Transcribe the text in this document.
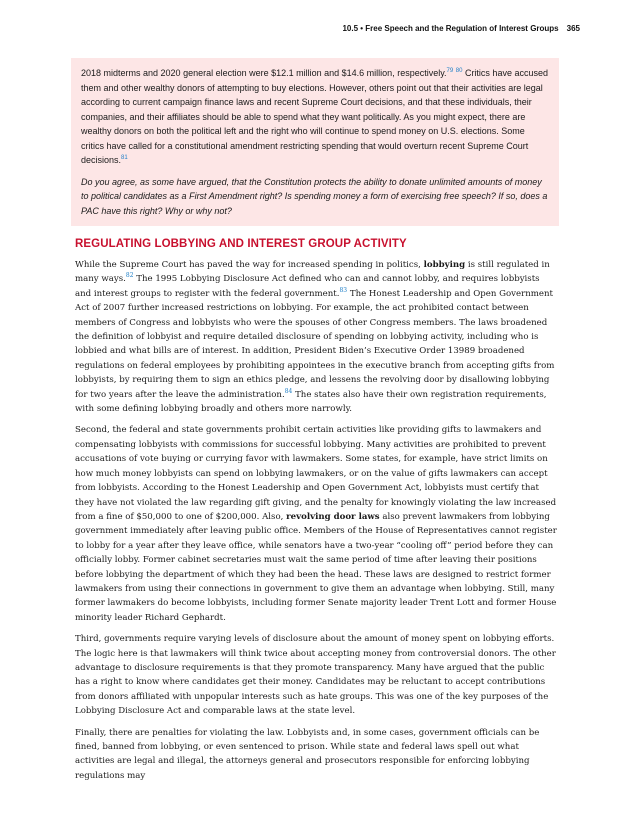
10.5 • Free Speech and the Regulation of Interest Groups 365

2018 midterms and 2020 general election were $12.1 million and $14.6 million, respectively.$^{79}$ $^{80}$ Critics have accused them and other wealthy donors of attempting to buy elections. However, others point out that their activities are legal according to current campaign finance laws and recent Supreme Court decisions, and that these individuals, their companies, and their affiliates should be able to spend what they want politically. As you might expect, there are wealthy donors on both the political left and the right who will continue to spend money on U.S. elections. Some critics have called for a constitutional amendment restricting spending that would overturn recent Supreme Court decisions.$^{81}$

Do you agree, as some have argued, that the Constitution protects the ability to donate unlimited amounts of money to political candidates as a First Amendment right? Is spending money a form of exercising free speech? If so, does a PAC have this right? Why or why not?

REGULATING LOBBYING AND INTEREST GROUP ACTIVITY

While the Supreme Court has paved the way for increased spending in politics, lobbying is still regulated in many ways.$^{82}$ The 1995 Lobbying Disclosure Act defined who can and cannot lobby, and requires lobbyists and interest groups to register with the federal government.$^{83}$ The Honest Leadership and Open Government Act of 2007 further increased restrictions on lobbying. For example, the act prohibited contact between members of Congress and lobbyists who were the spouses of other Congress members. The laws broadened the definition of lobbyist and require detailed disclosure of spending on lobbying activity, including who is lobbied and what bills are of interest. In addition, President Biden’s Executive Order 13989 broadened regulations on federal employees by prohibiting appointees in the executive branch from accepting gifts from lobbyists, by requiring them to sign an ethics pledge, and lessens the revolving door by disallowing lobbying for two years after the leave the administration.$^{84}$ The states also have their own registration requirements, with some defining lobbying broadly and others more narrowly.

Second, the federal and state governments prohibit certain activities like providing gifts to lawmakers and compensating lobbyists with commissions for successful lobbying. Many activities are prohibited to prevent accusations of vote buying or currying favor with lawmakers. Some states, for example, have strict limits on how much money lobbyists can spend on lobbying lawmakers, or on the value of gifts lawmakers can accept from lobbyists. According to the Honest Leadership and Open Government Act, lobbyists must certify that they have not violated the law regarding gift giving, and the penalty for knowingly violating the law increased from a fine of $50,000 to one of $200,000. Also, revolving door laws also prevent lawmakers from lobbying government immediately after leaving public office. Members of the House of Representatives cannot register to lobby for a year after they leave office, while senators have a two-year “cooling off” period before they can officially lobby. Former cabinet secretaries must wait the same period of time after leaving their positions before lobbying the department of which they had been the head. These laws are designed to restrict former lawmakers from using their connections in government to give them an advantage when lobbying. Still, many former lawmakers do become lobbyists, including former Senate majority leader Trent Lott and former House minority leader Richard Gephardt.

Third, governments require varying levels of disclosure about the amount of money spent on lobbying efforts. The logic here is that lawmakers will think twice about accepting money from controversial donors. The other advantage to disclosure requirements is that they promote transparency. Many have argued that the public has a right to know where candidates get their money. Candidates may be reluctant to accept contributions from donors affiliated with unpopular interests such as hate groups. This was one of the key purposes of the Lobbying Disclosure Act and comparable laws at the state level.

Finally, there are penalties for violating the law. Lobbyists and, in some cases, government officials can be fined, banned from lobbying, or even sentenced to prison. While state and federal laws spell out what activities are legal and illegal, the attorneys general and prosecutors responsible for enforcing lobbying regulations may
